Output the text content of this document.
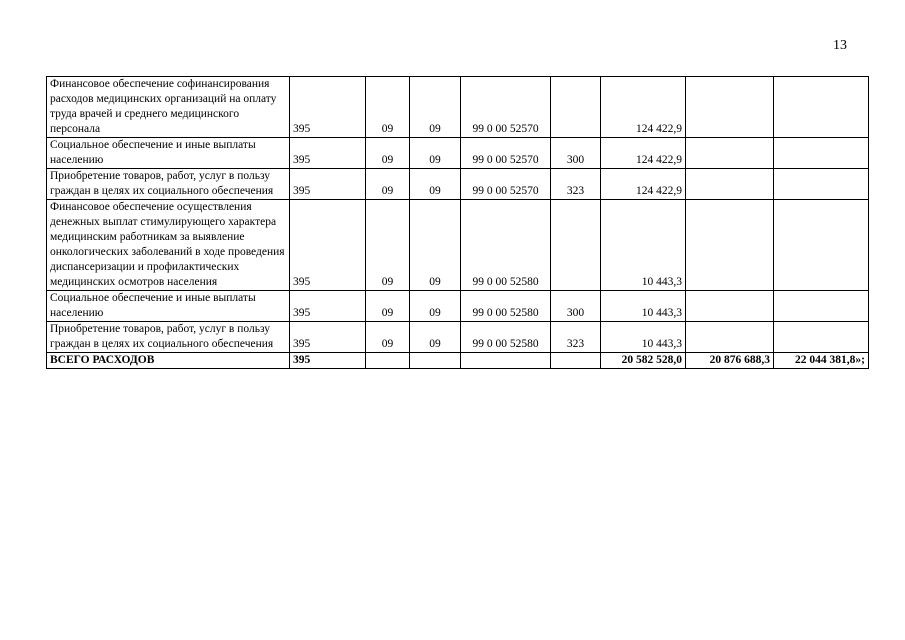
13
Финансовое обеспечение софинансирования расходов медицинских организаций на оплату труда врачей и среднего медицинского персонала	395	09	09	99 0 00 52570		124 422,9		
Социальное обеспечение и иные выплаты населению	395	09	09	99 0 00 52570	300	124 422,9		
Приобретение товаров, работ, услуг в пользу граждан в целях их социального обеспечения	395	09	09	99 0 00 52570	323	124 422,9		
Финансовое обеспечение осуществления денежных выплат стимулирующего характера медицинским работникам за выявление онкологических заболеваний в ходе проведения диспансеризации и профилактических медицинских осмотров населения	395	09	09	99 0 00 52580		10 443,3		
Социальное обеспечение и иные выплаты населению	395	09	09	99 0 00 52580	300	10 443,3		
Приобретение товаров, работ, услуг в пользу граждан в целях их социального обеспечения	395	09	09	99 0 00 52580	323	10 443,3		
ВСЕГО РАСХОДОВ	395					20 582 528,0	20 876 688,3	22 044 381,8»;
